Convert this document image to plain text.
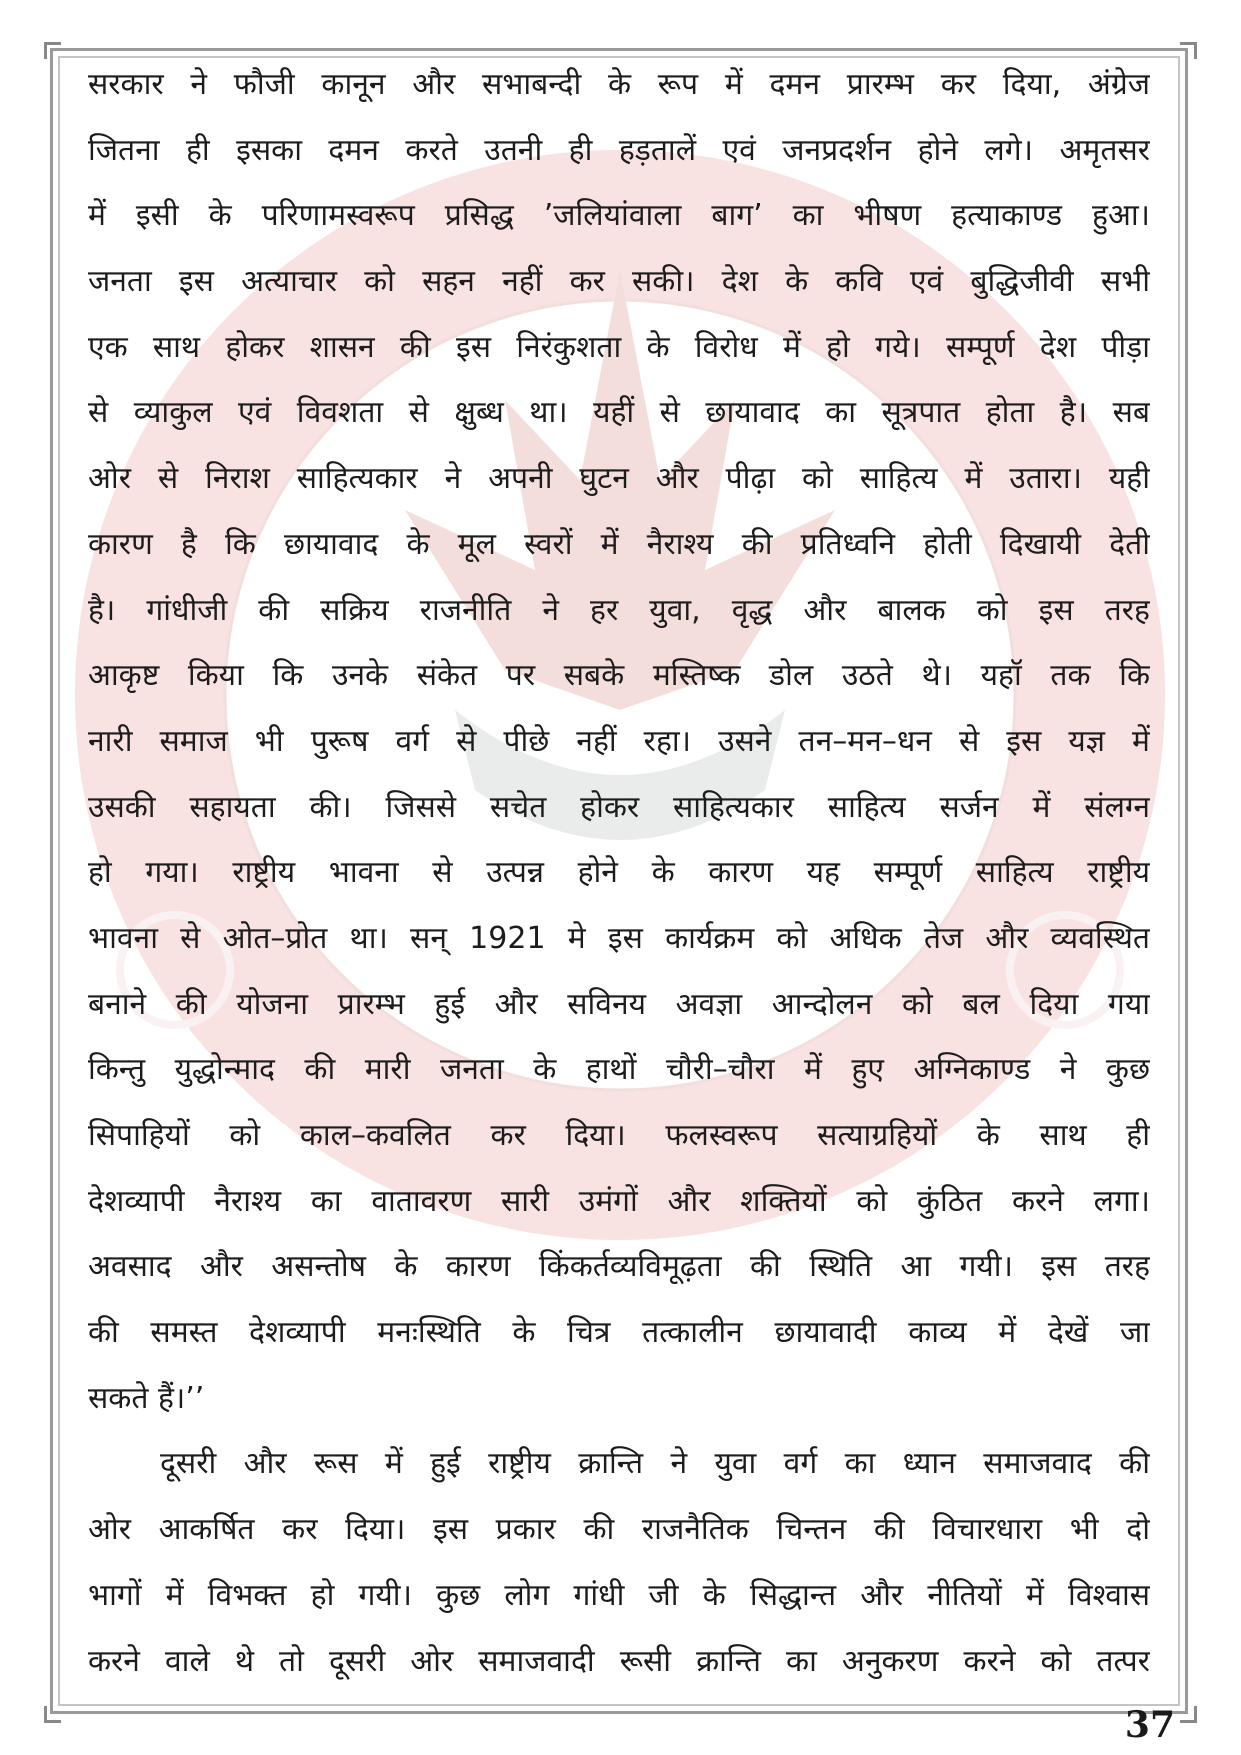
सरकार ने फौजी कानून और सभाबन्दी के रूप में दमन प्रारम्भ कर दिया, अंग्रेज
जितना ही इसका दमन करते उतनी ही हड़तालें एवं जनप्रदर्शन होने लगे। अमृतसर
में इसी के परिणामस्वरूप प्रसिद्ध ’जलियांवाला बाग’ का भीषण हत्याकाण्ड हुआ।
जनता इस अत्याचार को सहन नहीं कर सकी। देश के कवि एवं बुद्धिजीवी सभी
एक साथ होकर शासन की इस निरंकुशता के विरोध में हो गये। सम्पूर्ण देश पीड़ा
से व्याकुल एवं विवशता से क्षुब्ध था। यहीं से छायावाद का सूत्रपात होता है। सब
ओर से निराश साहित्यकार ने अपनी घुटन और पीढ़ा को साहित्य में उतारा। यही
कारण है कि छायावाद के मूल स्वरों में नैराश्य की प्रतिध्वनि होती दिखायी देती
है। गांधीजी की सक्रिय राजनीति ने हर युवा, वृद्ध और बालक को इस तरह
आकृष्ट किया कि उनके संकेत पर सबके मस्तिष्क डोल उठते थे। यहॉ तक कि
नारी समाज भी पुरूष वर्ग से पीछे नहीं रहा। उसने तन–मन–धन से इस यज्ञ में
उसकी सहायता की। जिससे सचेत होकर साहित्यकार साहित्य सर्जन में संलग्न
हो गया। राष्ट्रीय भावना से उत्पन्न होने के कारण यह सम्पूर्ण साहित्य राष्ट्रीय
भावना से ओत–प्रोत था। सन् 1921 मे इस कार्यक्रम को अधिक तेज और व्यवस्थित
बनाने की योजना प्रारम्भ हुई और सविनय अवज्ञा आन्दोलन को बल दिया गया
किन्तु युद्धोन्माद की मारी जनता के हाथों चौरी–चौरा में हुए अग्निकाण्ड ने कुछ
सिपाहियों को काल–कवलित कर दिया। फलस्वरूप सत्याग्रहियों के साथ ही
देशव्यापी नैराश्य का वातावरण सारी उमंगों और शक्तियों को कुंठित करने लगा।
अवसाद और असन्तोष के कारण किंकर्तव्यविमूढ़ता की स्थिति आ गयी। इस तरह
की समस्त देशव्यापी मनःस्थिति के चित्र तत्कालीन छायावादी काव्य में देखें जा
सकते हैं।’’
दूसरी और रूस में हुई राष्ट्रीय क्रान्ति ने युवा वर्ग का ध्यान समाजवाद की
ओर आकर्षित कर दिया। इस प्रकार की राजनैतिक चिन्तन की विचारधारा भी दो
भागों में विभक्त हो गयी। कुछ लोग गांधी जी के सिद्धान्त और नीतियों में विश्वास
करने वाले थे तो दूसरी ओर समाजवादी रूसी क्रान्ति का अनुकरण करने को तत्पर
37
